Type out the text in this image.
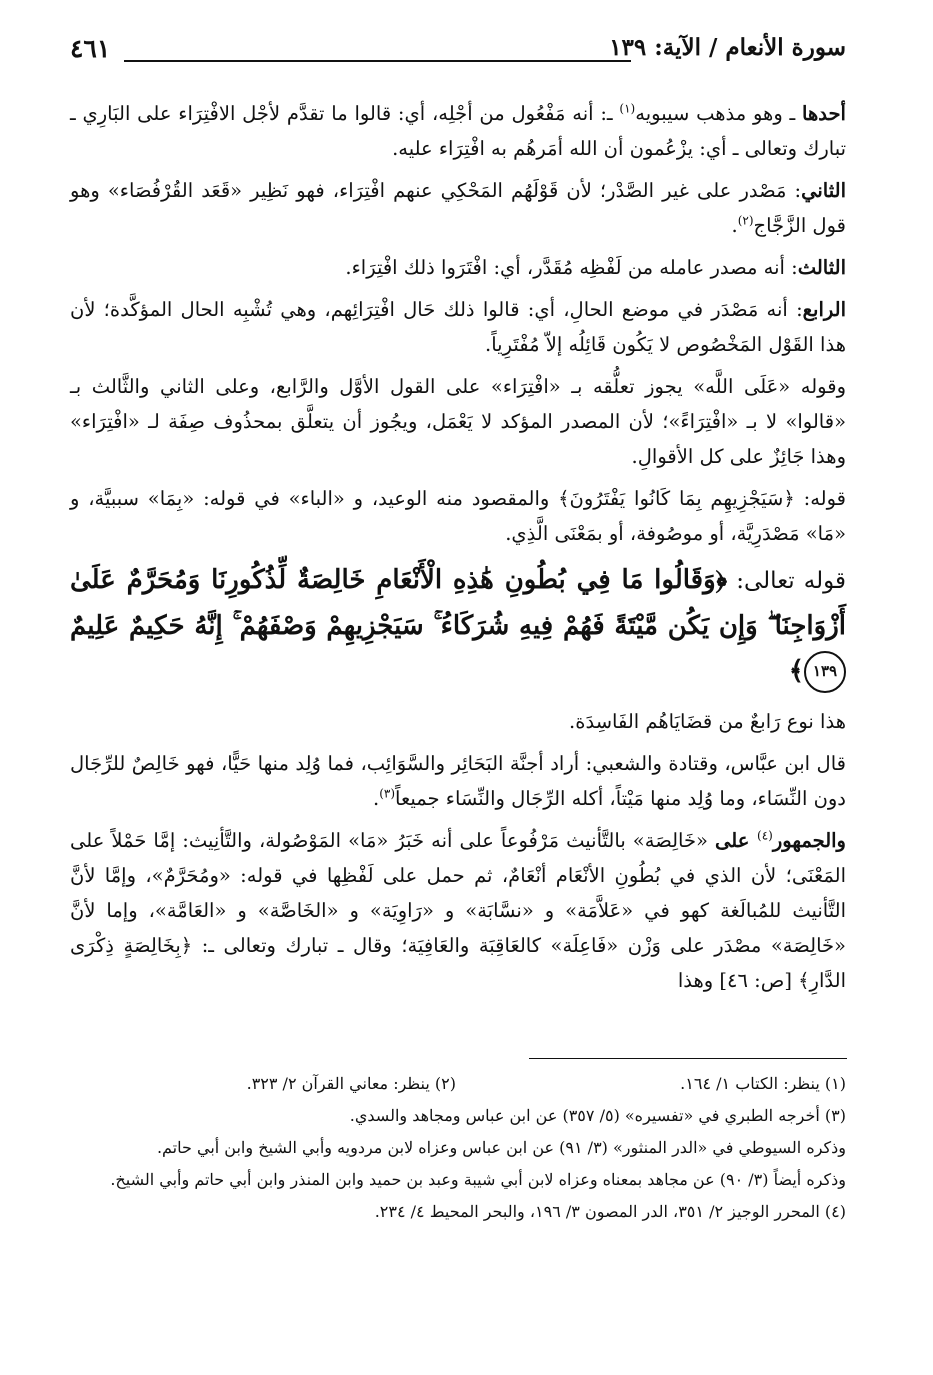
سورة الأنعام / الآية: ١٣٩
٤٦١

أحدها ـ وهو مذهب سيبويه$^{(١)}$ ـ: أنه مَفْعُول من أجْلِه، أي: قالوا ما تقدَّم لأجْل الافْتِرَاء على البَارِي ـ تبارك وتعالى ـ أي: يزْعُمون أن الله أمَرهُم به افْتِرَاء عليه.

الثاني: مَصْدر على غير الصَّدْر؛ لأن قَوْلَهُم المَحْكِي عنهم افْتِرَاء، فهو نَظِير «قَعَد القُرْفُصَاء» وهو قول الزَّجَّاج$^{(٢)}$.

الثالث: أنه مصدر عامله من لَفْظِه مُقَدَّر، أي: افْتَرَوا ذلك افْتِرَاء.

الرابع: أنه مَصْدَر في موضع الحالِ، أي: قالوا ذلك حَال افْتِرَائِهم، وهي تُشْبِه الحال المؤكَّدة؛ لأن هذا القَوْل المَخْصُوص لا يَكُون قَائِلُه إلاّ مُفْتَرِياً.

وقوله «عَلَى اللَّه» يجوز تعلُّقه بـ «افْتِرَاء» على القول الأوَّل والرَّابع، وعلى الثاني والثَّالث بـ «قالوا» لا بـ «افْتِرَاءً»؛ لأن المصدر المؤكد لا يَعْمَل، ويجُوز أن يتعلَّق بمحذُوف صِفَة لـ «افْتِرَاء» وهذا جَائِزٌ على كل الأقوالِ.

قوله: ﴿سَيَجْزِيهِم بِمَا كَانُوا يَفْتَرُونَ﴾ والمقصود منه الوعيد، و «الباء» في قوله: «بِمَا» سببيَّة، و «مَا» مَصْدَرِيَّة، أو موصُوفة، أو بمَعْنَى الَّذِي.

قوله تعالى: ﴿وَقَالُوا مَا فِي بُطُونِ هَٰذِهِ الْأَنْعَامِ خَالِصَةٌ لِّذُكُورِنَا وَمُحَرَّمٌ عَلَىٰ أَزْوَاجِنَا ۖ وَإِن يَكُن مَّيْتَةً فَهُمْ فِيهِ شُرَكَاءُ ۚ سَيَجْزِيهِمْ وَصْفَهُمْ ۚ إِنَّهُ حَكِيمٌ عَلِيمٌ ١٣٩﴾

هذا نوع رَابعٌ من قضَايَاهُم الفَاسِدَة.

قال ابن عبَّاس، وقتادة والشعبي: أراد أجنَّة البَحَائِر والسَّوَائِب، فما وُلِد منها حَيًّا، فهو خَالِصٌ للرِّجَال دون النِّسَاء، وما وُلِد منها مَيْتاً، أكله الرِّجَال والنِّسَاء جميعاً$^{(٣)}$.

والجمهور$^{(٤)}$ على «خَالِصَة» بالتَّأنيث مَرْفُوعاً على أنه خَبَرُ «مَا» المَوْصُولة، والتَّأنِيث: إمَّا حَمْلاً على المَعْنَى؛ لأن الذي في بُطُونِ الأنْعَام أنْعَامٌ، ثم حمل على لَفْظِها في قوله: «ومُحَرَّمٌ»، وإمَّا لأنَّ التَّأنيث للمُبالَغة كهو في «عَلاَّمَة» و «نسَّابَة» و «رَاوِيَة» و «الخَاصَّة» و «العَامَّة»، وإما لأنَّ «خَالِصَة» مصْدَر على وَزْن «فَاعِلَة» كالعَاقِبَة والعَافِيَة؛ وقال ـ تبارك وتعالى ـ: ﴿بِخَالِصَةٍ ذِكْرَى الدَّارِ﴾ [ص: ٤٦] وهذا

(١) ينظر: الكتاب ١/ ١٦٤.
(٢) ينظر: معاني القرآن ٢/ ٣٢٣.

(٣) أخرجه الطبري في «تفسيره» (٥/ ٣٥٧) عن ابن عباس ومجاهد والسدي.

وذكره السيوطي في «الدر المنثور» (٣/ ٩١) عن ابن عباس وعزاه لابن مردويه وأبي الشيخ وابن أبي حاتم.

وذكره أيضاً (٣/ ٩٠) عن مجاهد بمعناه وعزاه لابن أبي شيبة وعبد بن حميد وابن المنذر وابن أبي حاتم وأبي الشيخ.

(٤) المحرر الوجيز ٢/ ٣٥١، الدر المصون ٣/ ١٩٦، والبحر المحيط ٤/ ٢٣٤.
